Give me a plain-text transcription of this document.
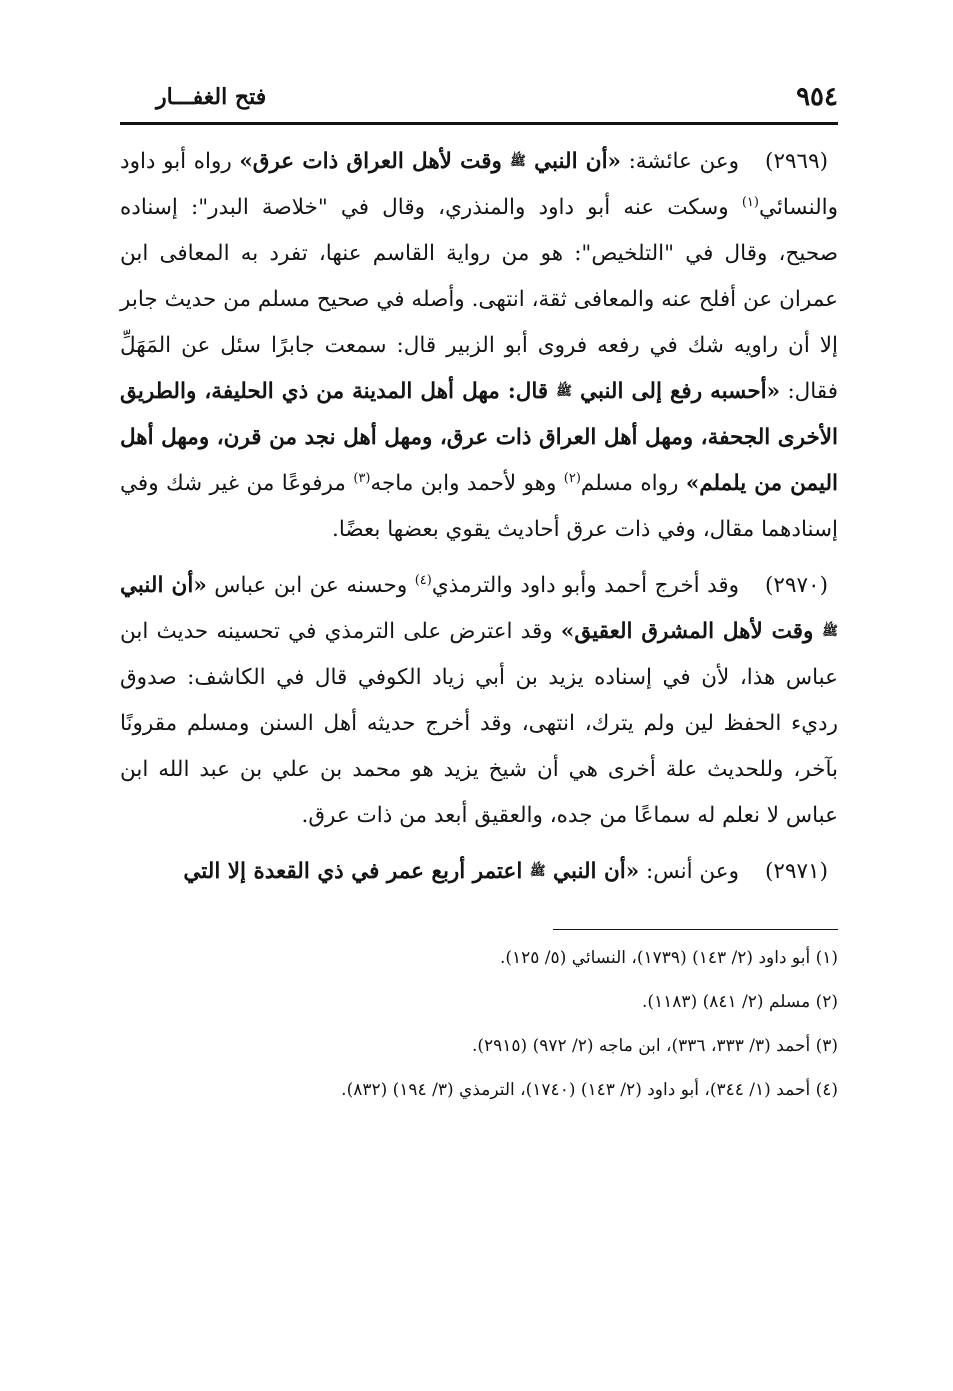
٩٥٤
فتح الغفـــار

(٢٩٦٩)وعن عائشة: «أن النبي ﷺ وقت لأهل العراق ذات عرق» رواه أبو داود والنسائي$^{(١)}$ وسكت عنه أبو داود والمنذري، وقال في "خلاصة البدر": إسناده صحيح، وقال في "التلخيص": هو من رواية القاسم عنها، تفرد به المعافى ابن عمران عن أفلح عنه والمعافى ثقة، انتهى. وأصله في صحيح مسلم من حديث جابر إلا أن راويه شك في رفعه فروى أبو الزبير قال: سمعت جابرًا سئل عن المَهَلِّ فقال: «أحسبه رفع إلى النبي ﷺ قال: مهل أهل المدينة من ذي الحليفة، والطريق الأخرى الجحفة، ومهل أهل العراق ذات عرق، ومهل أهل نجد من قرن، ومهل أهل اليمن من يلملم» رواه مسلم$^{(٢)}$ وهو لأحمد وابن ماجه$^{(٣)}$ مرفوعًا من غير شك وفي إسنادهما مقال، وفي ذات عرق أحاديث يقوي بعضها بعضًا.

(٢٩٧٠)وقد أخرج أحمد وأبو داود والترمذي$^{(٤)}$ وحسنه عن ابن عباس «أن النبي ﷺ وقت لأهل المشرق العقيق» وقد اعترض على الترمذي في تحسينه حديث ابن عباس هذا، لأن في إسناده يزيد بن أبي زياد الكوفي قال في الكاشف: صدوق رديء الحفظ لين ولم يترك، انتهى، وقد أخرج حديثه أهل السنن ومسلم مقرونًا بآخر، وللحديث علة أخرى هي أن شيخ يزيد هو محمد بن علي بن عبد الله ابن عباس لا نعلم له سماعًا من جده، والعقيق أبعد من ذات عرق.

(٢٩٧١)وعن أنس: «أن النبي ﷺ اعتمر أربع عمر في ذي القعدة إلا التي

(١) أبو داود (٢/ ١٤٣) (١٧٣٩)، النسائي (٥/ ١٢٥).
(٢) مسلم (٢/ ٨٤١) (١١٨٣).
(٣) أحمد (٣/ ٣٣٣، ٣٣٦)، ابن ماجه (٢/ ٩٧٢) (٢٩١٥).
(٤) أحمد (١/ ٣٤٤)، أبو داود (٢/ ١٤٣) (١٧٤٠)، الترمذي (٣/ ١٩٤) (٨٣٢).
